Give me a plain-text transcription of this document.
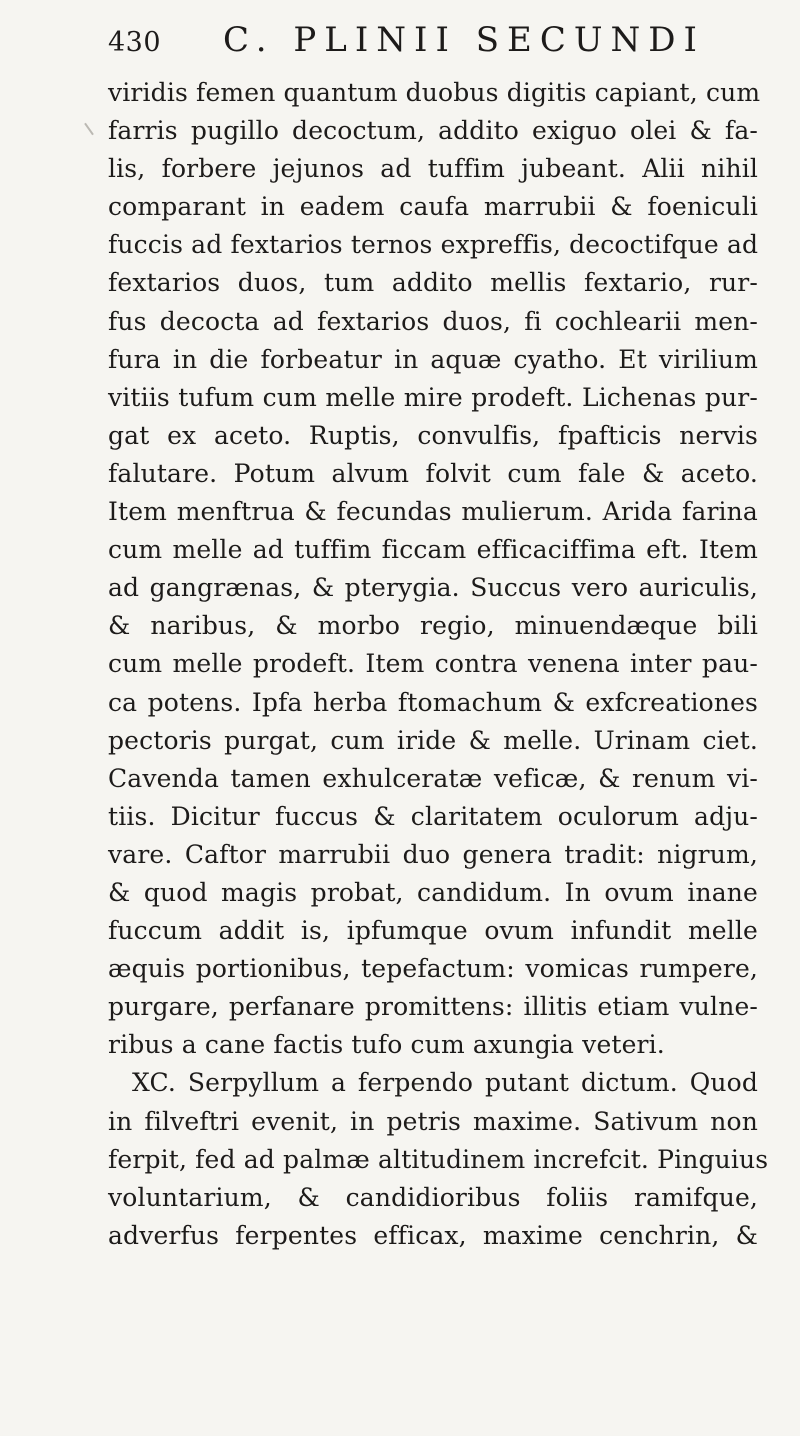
430	C. PLINII SECUNDI
viridis femen quantum duobus digitis capiant, cum
farris pugillo decoctum, addito exiguo olei & fa-
lis, forbere jejunos ad tuffim jubeant. Alii nihil
comparant in eadem caufa marrubii & foeniculi
fuccis ad fextarios ternos expreffis, decoctifque ad
fextarios duos, tum addito mellis fextario, rur-
fus decocta ad fextarios duos, fi cochlearii men-
fura in die forbeatur in aquæ cyatho. Et virilium
vitiis tufum cum melle mire prodeft. Lichenas pur-
gat ex aceto. Ruptis, convulfis, fpafticis nervis
falutare. Potum alvum folvit cum fale & aceto.
Item menftrua & fecundas mulierum. Arida farina
cum melle ad tuffim ficcam efficaciffima eft. Item
ad gangrænas, & pterygia. Succus vero auriculis,
& naribus, & morbo regio, minuendæque bili
cum melle prodeft. Item contra venena inter pau-
ca potens. Ipfa herba ftomachum & exfcreationes
pectoris purgat, cum iride & melle. Urinam ciet.
Cavenda tamen exhulceratæ veficæ, & renum vi-
tiis. Dicitur fuccus & claritatem oculorum adju-
vare. Caftor marrubii duo genera tradit: nigrum,
& quod magis probat, candidum. In ovum inane
fuccum addit is, ipfumque ovum infundit melle
æquis portionibus, tepefactum: vomicas rumpere,
purgare, perfanare promittens: illitis etiam vulne-
ribus a cane factis tufo cum axungia veteri.
XC. Serpyllum a ferpendo putant dictum. Quod
in filveftri evenit, in petris maxime. Sativum non
ferpit, fed ad palmæ altitudinem increfcit. Pinguius
voluntarium, & candidioribus foliis ramifque,
adverfus ferpentes efficax, maxime cenchrin, &
